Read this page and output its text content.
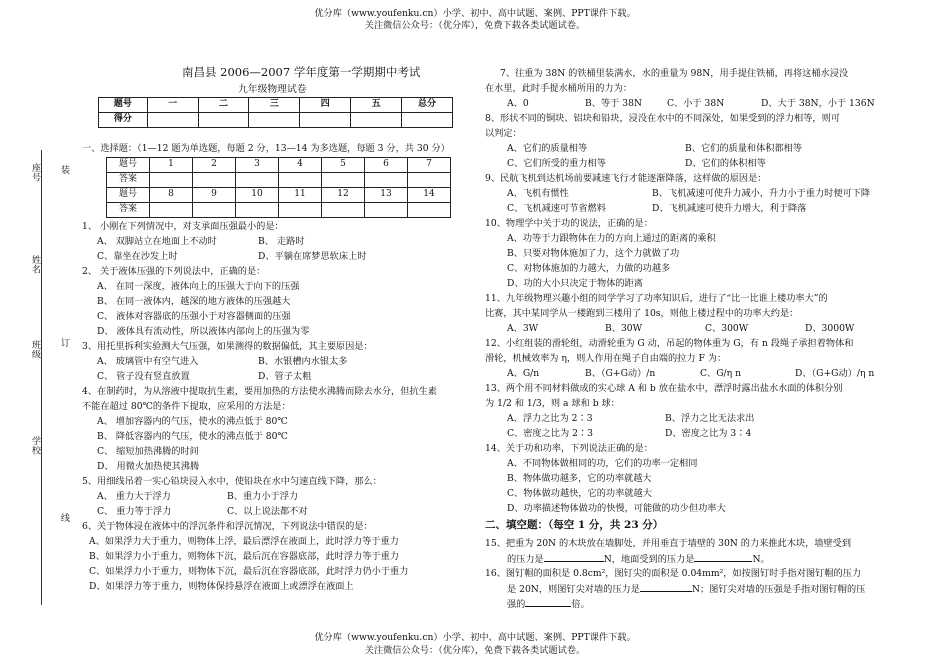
优分库（www.youfenku.cn）小学、初中、高中试题、案例、PPT课件下载。
关注微信公众号：（优分库），免费下载各类试题试卷。
座号
姓名
班级
学校
装
订
线
南昌县 2006—2007 学年度第一学期期中考试
九年级物理试卷
题号	一	二	三	四	五	总分
得分						
一、选择题：（1—12 题为单选题，每题 2 分，13—14 为多选题，每题 3 分，共 30 分）
题号	1	2	3	4	5	6	7
答案							
题号	8	9	10	11	12	13	14
答案							
1、 小刚在下列情况中，对支承面压强最小的是：
A、 双脚站立在地面上不动时	B、 走路时
C、靠坐在沙发上时	D、平躺在席梦思软床上时
2、 关于液体压强的下列说法中，正确的是：
A、 在同一深度，液体向上的压强大于向下的压强
B、 在同一液体内，越深的地方液体的压强越大
C、 液体对容器底的压强小于对容器侧面的压强
D、 液体具有流动性，所以液体内部向上的压强为零
3、用托里拆利实验测大气压强，如果测得的数据偏低，其主要原因是：
A、 玻璃管中有空气进入	B、水银槽内水银太多
C、 管子没有竖直放置	D、管子太粗
4、在制药时，为从溶液中提取抗生素，要用加热的方法使水沸腾而除去水分，但抗生素
不能在超过 80℃的条件下提取，应采用的方法是：
A、 增加容器内的气压，使水的沸点低于 80℃
B、 降低容器内的气压，使水的沸点低于 80℃
C、 缩短加热沸腾的时间
D、 用微火加热使其沸腾
5、用细线吊着一实心铅块浸入水中，使铅块在水中匀速直线下降，那么：
A、 重力大于浮力	B、重力小于浮力
C、 重力等于浮力	C、以上说法都不对
6、关于物体浸在液体中的浮沉条件和浮沉情况，下列说法中错误的是：
A、如果浮力大于重力，则物体上浮，最后漂浮在液面上，此时浮力等于重力
B、如果浮力小于重力，则物体下沉，最后沉在容器底部，此时浮力等于重力
C、如果浮力小于重力，则物体下沉，最后沉在容器底部，此时浮力仍小于重力
D、如果浮力等于重力，则物体保持悬浮在液面上或漂浮在液面上
7、往重为 38N 的铁桶里装满水，水的重量为 98N，用手提住铁桶，再将这桶水浸没
在水里，此时手提水桶所用的力为：
A、0	B、等于 38N	C、小于 38N	D、大于 38N，小于 136N
8、形状不同的铜块、铝块和铅块，浸没在水中的不同深处，如果受到的浮力相等，则可
以判定：
A、它们的质量相等	B、它们的质量和体积都相等
C、它们所受的重力相等	D、它们的体积相等
9、民航飞机到达机场前要减速飞行才能逐渐降落，这样做的原因是：
A、飞机有惯性	B、飞机减速可使升力减小，升力小于重力时便可下降
C、飞机减速可节省燃料	D、飞机减速可使升力增大，利于降落
10、物理学中关于功的说法，正确的是：
A、功等于力跟物体在力的方向上通过的距离的乘积
B、只要对物体施加了力，这个力就做了功
C、对物体施加的力越大，力做的功越多
D、功的大小只决定于物体的距离
11、九年级物理兴趣小组的同学学习了功率知识后，进行了“比一比谁上楼功率大”的
比赛，其中某同学从一楼跑到三楼用了 10s，则他上楼过程中的功率大约是：
A、3W	B、30W	C、300W	D、3000W
12、小红组装的滑轮组，动滑轮重为 G 动，吊起的物体重为 G，有 n 段绳子承担着物体和
滑轮，机械效率为 η，则人作用在绳子自由端的拉力 F 为：
A、G/n	B、（G+G动）/n	C、G/η n	D、（G+G动）/η n
13、两个用不同材料做成的实心球 A 和 b 放在盐水中，漂浮时露出盐水水面的体积分别
为 1/2 和 1/3，则 a 球和 b 球：
A、浮力之比为 2∶3	B、浮力之比无法求出
C、密度之比为 2∶3	D、密度之比为 3∶4
14、关于功和功率，下列说法正确的是：
A、不同物体做相同的功，它们的功率一定相同
B、物体做功越多，它的功率就越大
C、物体做功越快，它的功率就越大
D、功率描述物体做功的快慢，可能做的功少但功率大
二、填空题：（每空 1 分，共 23 分）
15、把重为 20N 的木块放在墙脚处，并用垂直于墙壁的 30N 的力来推此木块，墙壁受到
的压力是	N，地面受到的压力是	N。
16、图钉帽的面积是 0.8cm²，图钉尖的面积是 0.04mm²，如按图钉时手指对图钉帽的压力
是 20N，则图钉尖对墙的压力是	N；图钉尖对墙的压强是手指对图钉帽的压
强的	倍。
优分库（www.youfenku.cn）小学、初中、高中试题、案例、PPT课件下载。
关注微信公众号：（优分库），免费下载各类试题试卷。
